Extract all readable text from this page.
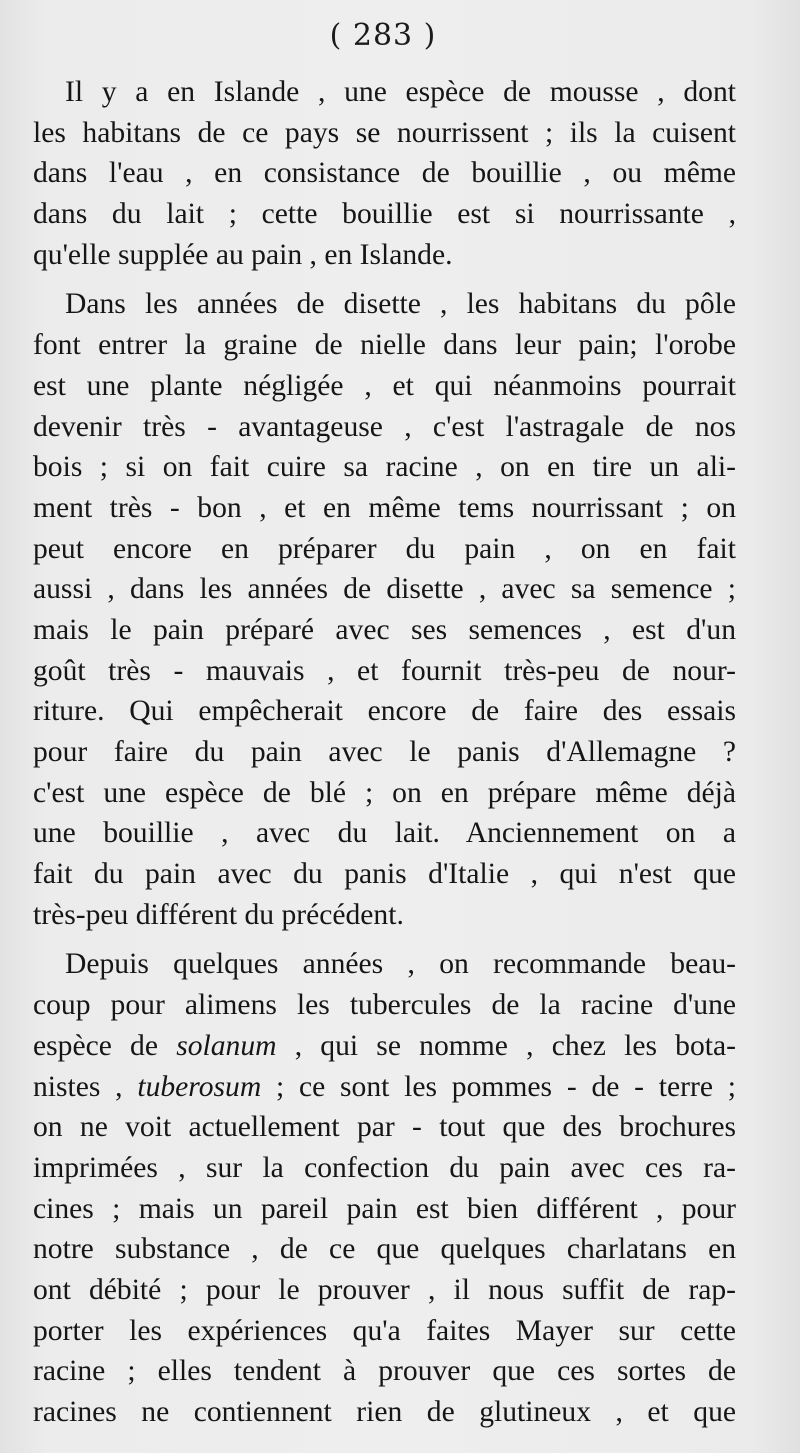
( 283 )

Il y a en Islande , une espèce de mousse , dont
les habitans de ce pays se nourrissent ; ils la cuisent
dans l'eau , en consistance de bouillie , ou même
dans du lait ; cette bouillie est si nourrissante ,
qu'elle supplée au pain , en Islande.

Dans les années de disette , les habitans du pôle
font entrer la graine de nielle dans leur pain; l'orobe
est une plante négligée , et qui néanmoins pourrait
devenir très - avantageuse , c'est l'astragale de nos
bois ; si on fait cuire sa racine , on en tire un ali-
ment très - bon , et en même tems nourrissant ; on
peut encore en préparer du pain , on en fait
aussi , dans les années de disette , avec sa semence ;
mais le pain préparé avec ses semences , est d'un
goût très - mauvais , et fournit très-peu de nour-
riture. Qui empêcherait encore de faire des essais
pour faire du pain avec le panis d'Allemagne ?
c'est une espèce de blé ; on en prépare même déjà
une bouillie , avec du lait. Anciennement on a
fait du pain avec du panis d'Italie , qui n'est que
très-peu différent du précédent.

Depuis quelques années , on recommande beau-
coup pour alimens les tubercules de la racine d'une
espèce de solanum , qui se nomme , chez les bota-
nistes , tuberosum ; ce sont les pommes - de - terre ;
on ne voit actuellement par - tout que des brochures
imprimées , sur la confection du pain avec ces ra-
cines ; mais un pareil pain est bien différent , pour
notre substance , de ce que quelques charlatans en
ont débité ; pour le prouver , il nous suffit de rap-
porter les expériences qu'a faites Mayer sur cette
racine ; elles tendent à prouver que ces sortes de
racines ne contiennent rien de glutineux , et que
